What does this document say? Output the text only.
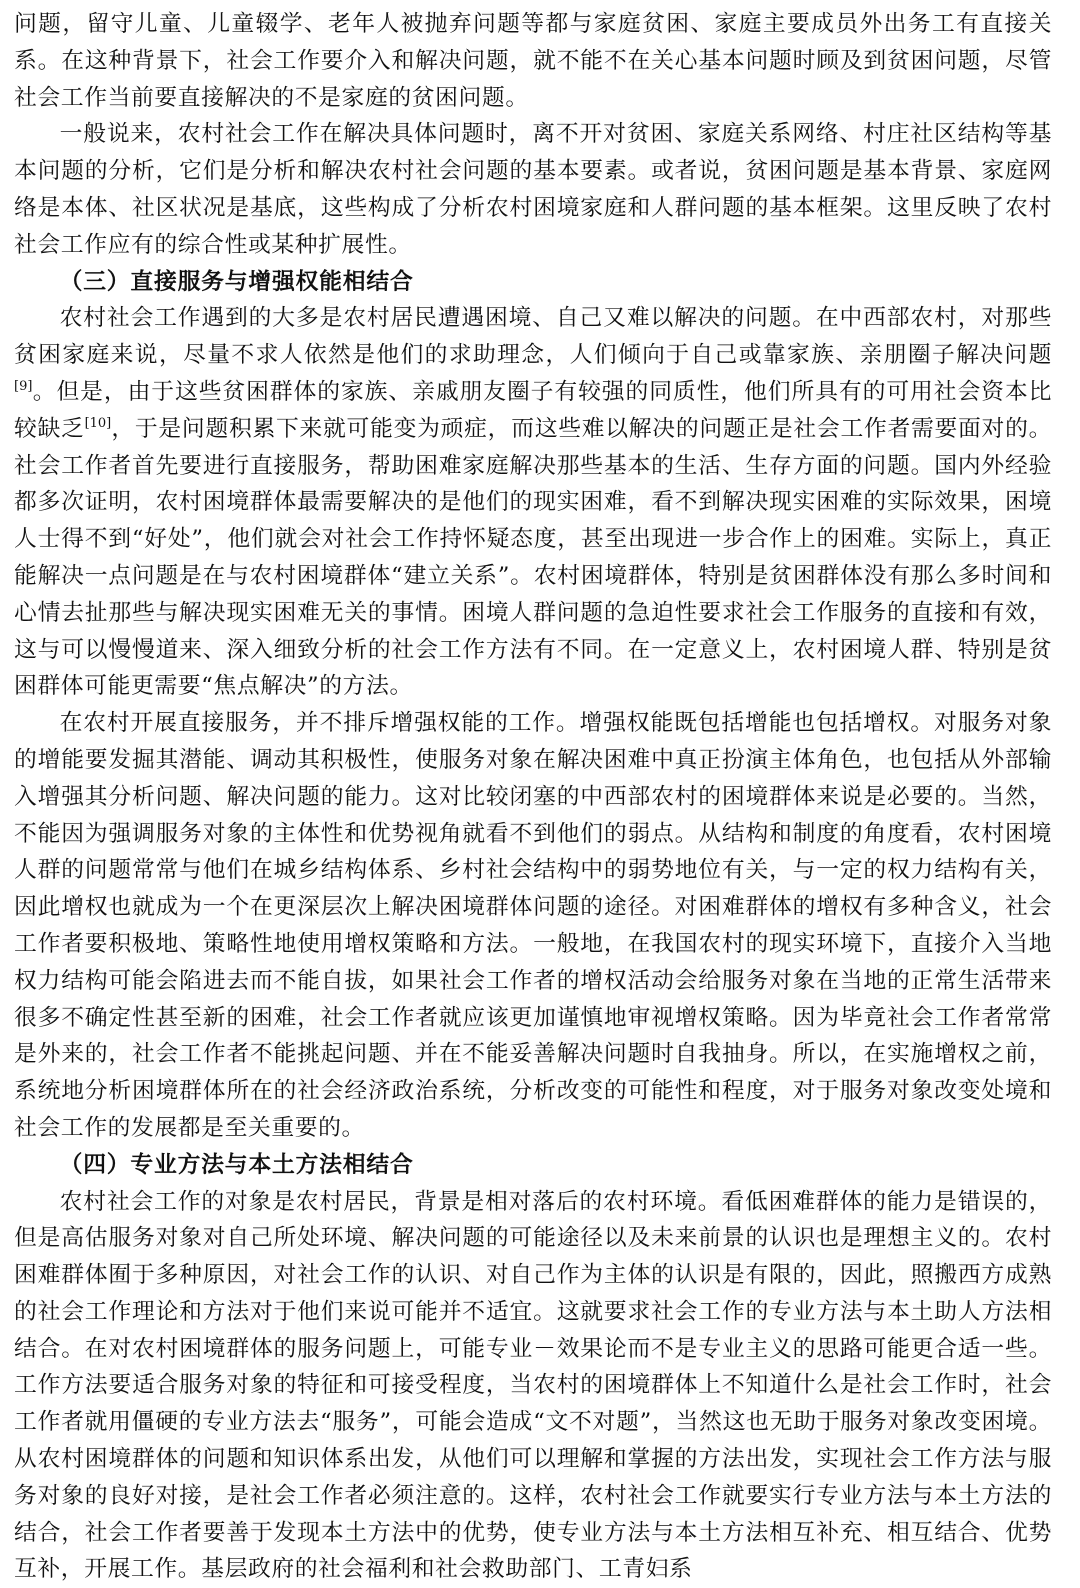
问题，留守儿童、儿童辍学、老年人被抛弃问题等都与家庭贫困、家庭主要成员外出务工有直接关系。在这种背景下，社会工作要介入和解决问题，就不能不在关心基本问题时顾及到贫困问题，尽管社会工作当前要直接解决的不是家庭的贫困问题。

一般说来，农村社会工作在解决具体问题时，离不开对贫困、家庭关系网络、村庄社区结构等基本问题的分析，它们是分析和解决农村社会问题的基本要素。或者说，贫困问题是基本背景、家庭网络是本体、社区状况是基底，这些构成了分析农村困境家庭和人群问题的基本框架。这里反映了农村社会工作应有的综合性或某种扩展性。

（三）直接服务与增强权能相结合

农村社会工作遇到的大多是农村居民遭遇困境、自己又难以解决的问题。在中西部农村，对那些贫困家庭来说，尽量不求人依然是他们的求助理念，人们倾向于自己或靠家族、亲朋圈子解决问题[9]。但是，由于这些贫困群体的家族、亲戚朋友圈子有较强的同质性，他们所具有的可用社会资本比较缺乏[10]，于是问题积累下来就可能变为顽症，而这些难以解决的问题正是社会工作者需要面对的。社会工作者首先要进行直接服务，帮助困难家庭解决那些基本的生活、生存方面的问题。国内外经验都多次证明，农村困境群体最需要解决的是他们的现实困难，看不到解决现实困难的实际效果，困境人士得不到“好处”，他们就会对社会工作持怀疑态度，甚至出现进一步合作上的困难。实际上，真正能解决一点问题是在与农村困境群体“建立关系”。农村困境群体，特别是贫困群体没有那么多时间和心情去扯那些与解决现实困难无关的事情。困境人群问题的急迫性要求社会工作服务的直接和有效，这与可以慢慢道来、深入细致分析的社会工作方法有不同。在一定意义上，农村困境人群、特别是贫困群体可能更需要“焦点解决”的方法。

在农村开展直接服务，并不排斥增强权能的工作。增强权能既包括增能也包括增权。对服务对象的增能要发掘其潜能、调动其积极性，使服务对象在解决困难中真正扮演主体角色，也包括从外部输入增强其分析问题、解决问题的能力。这对比较闭塞的中西部农村的困境群体来说是必要的。当然，不能因为强调服务对象的主体性和优势视角就看不到他们的弱点。从结构和制度的角度看，农村困境人群的问题常常与他们在城乡结构体系、乡村社会结构中的弱势地位有关，与一定的权力结构有关，因此增权也就成为一个在更深层次上解决困境群体问题的途径。对困难群体的增权有多种含义，社会工作者要积极地、策略性地使用增权策略和方法。一般地，在我国农村的现实环境下，直接介入当地权力结构可能会陷进去而不能自拔，如果社会工作者的增权活动会给服务对象在当地的正常生活带来很多不确定性甚至新的困难，社会工作者就应该更加谨慎地审视增权策略。因为毕竟社会工作者常常是外来的，社会工作者不能挑起问题、并在不能妥善解决问题时自我抽身。所以，在实施增权之前，系统地分析困境群体所在的社会经济政治系统，分析改变的可能性和程度，对于服务对象改变处境和社会工作的发展都是至关重要的。

（四）专业方法与本土方法相结合

农村社会工作的对象是农村居民，背景是相对落后的农村环境。看低困难群体的能力是错误的，但是高估服务对象对自己所处环境、解决问题的可能途径以及未来前景的认识也是理想主义的。农村困难群体囿于多种原因，对社会工作的认识、对自己作为主体的认识是有限的，因此，照搬西方成熟的社会工作理论和方法对于他们来说可能并不适宜。这就要求社会工作的专业方法与本土助人方法相结合。在对农村困境群体的服务问题上，可能专业－效果论而不是专业主义的思路可能更合适一些。工作方法要适合服务对象的特征和可接受程度，当农村的困境群体上不知道什么是社会工作时，社会工作者就用僵硬的专业方法去“服务”，可能会造成“文不对题”，当然这也无助于服务对象改变困境。从农村困境群体的问题和知识体系出发，从他们可以理解和掌握的方法出发，实现社会工作方法与服务对象的良好对接，是社会工作者必须注意的。这样，农村社会工作就要实行专业方法与本土方法的结合，社会工作者要善于发现本土方法中的优势，使专业方法与本土方法相互补充、相互结合、优势互补，开展工作。基层政府的社会福利和社会救助部门、工青妇系
